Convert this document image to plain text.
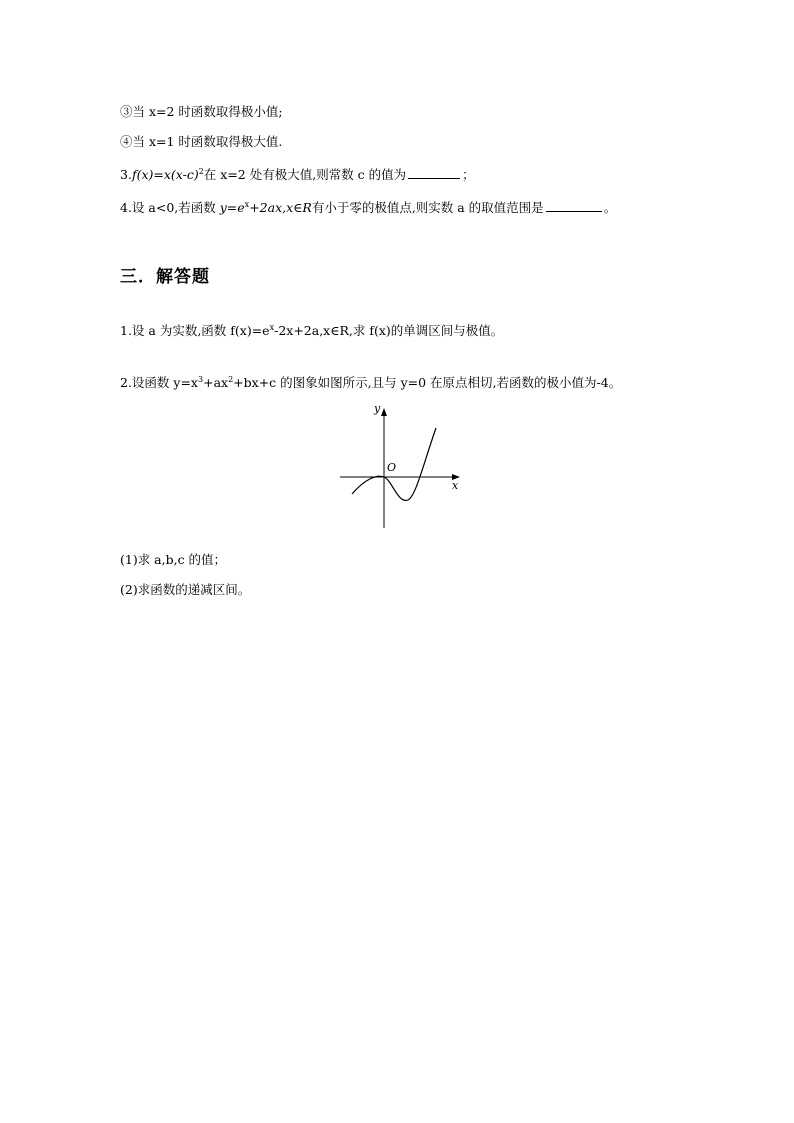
③当 x=2 时函数取得极小值;
④当 x=1 时函数取得极大值.
$3.f(x)=x(x-c)^2$在 x=2 处有极大值,则常数 c 的值为	；
4.设 a<0,若函数 $y=e^x+2ax,x\in R$有小于零的极值点,则实数 a 的取值范围是	。
三．解答题
1.设 a 为实数,函数 $f(x)=e^x-2x+2a,x\in R$,求 f(x)的单调区间与极值。
2.设函数 $y=x^3+ax^2+bx+c$ 的图象如图所示,且与 y=0 在原点相切,若函数的极小值为-4。
y
x
O
(1)求 a,b,c 的值；
(2)求函数的递减区间。
